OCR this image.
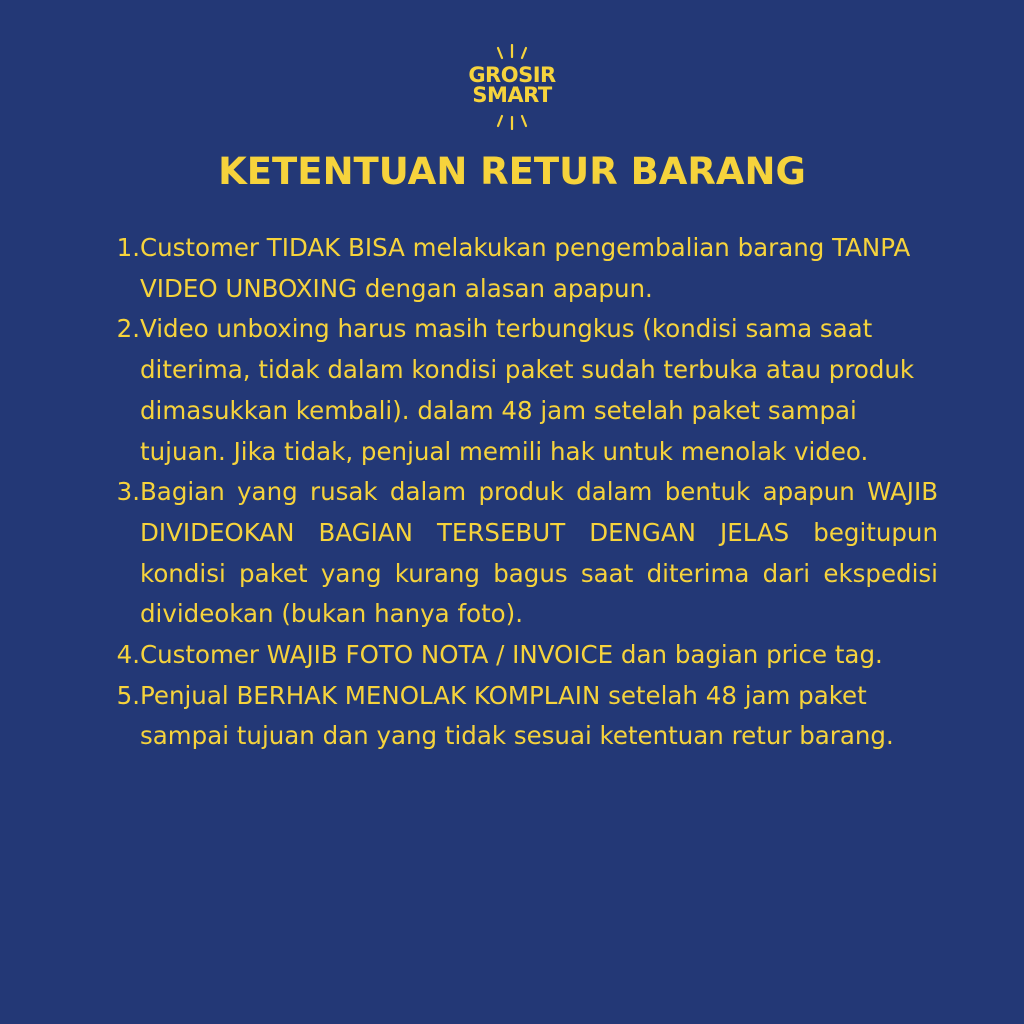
GROSIR
SMART
KETENTUAN RETUR BARANG
1. Customer TIDAK BISA melakukan pengembalian barang TANPA VIDEO UNBOXING dengan alasan apapun.
2. Video unboxing harus masih terbungkus (kondisi sama saat diterima, tidak dalam kondisi paket sudah terbuka atau produk dimasukkan kembali). dalam 48 jam setelah paket sampai tujuan. Jika tidak, penjual memili hak untuk menolak video.
3. Bagian yang rusak dalam produk dalam bentuk apapun WAJIB DIVIDEOKAN BAGIAN TERSEBUT DENGAN JELAS begitupun kondisi paket yang kurang bagus saat diterima dari ekspedisi divideokan (bukan hanya foto).
4. Customer WAJIB FOTO NOTA / INVOICE dan bagian price tag.
5. Penjual BERHAK MENOLAK KOMPLAIN setelah 48 jam paket sampai tujuan dan yang tidak sesuai ketentuan retur barang.
